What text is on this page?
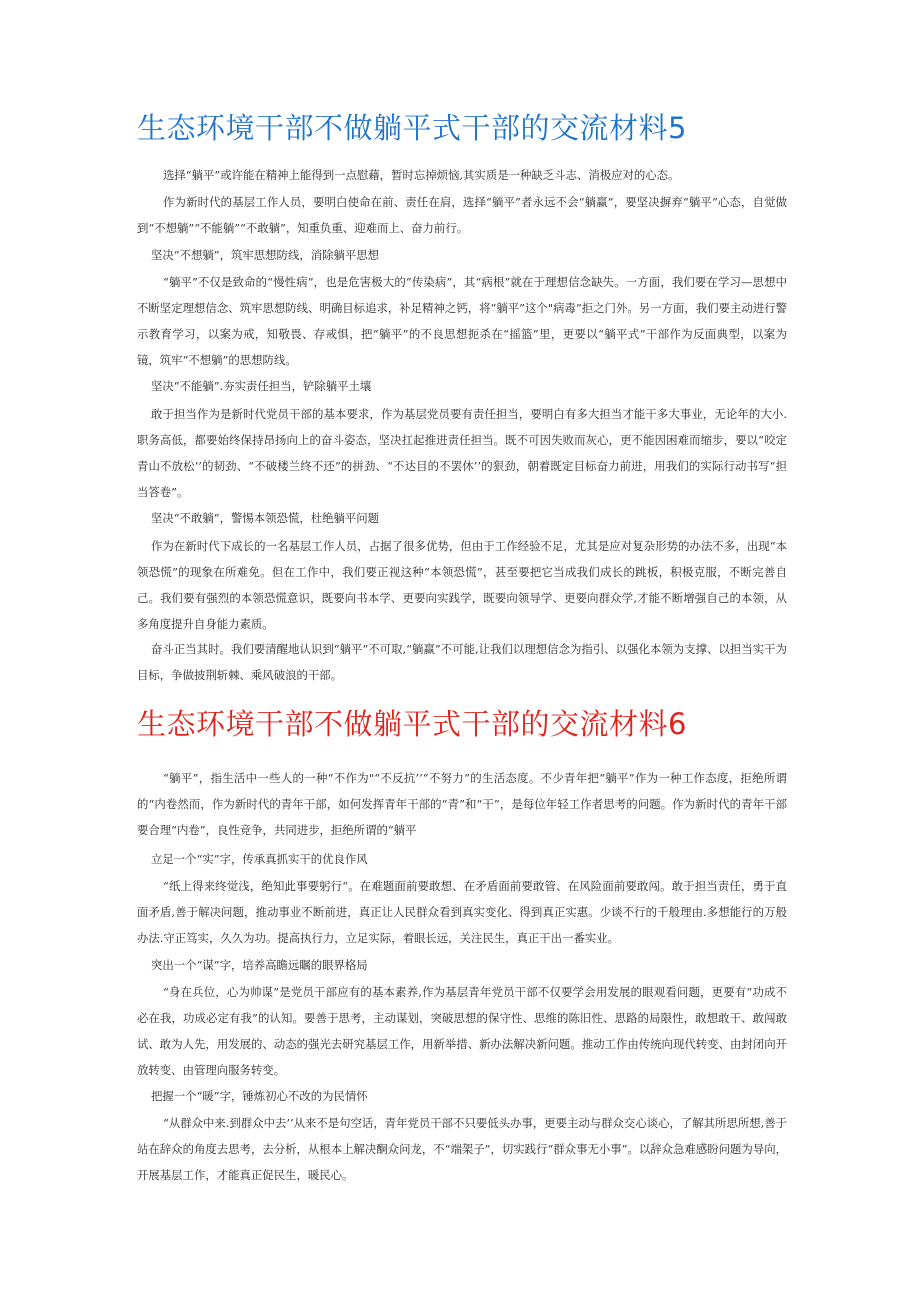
生态环境干部不做躺平式干部的交流材料5

选择“躺平”或许能在精神上能得到一点慰藉，暂时忘掉烦恼,其实质是一种缺乏斗志、消极应对的心态。

作为新时代的基层工作人员，要明白使命在前、责任在肩，选择“躺平”者永远不会“躺赢”，要坚决摒弃“躺平”心态，自觉做到“不想躺”“不能躺”“不敢躺”，知重负重、迎难而上、奋力前行。

坚决“不想躺”，筑牢思想防线，消除躺平思想

“躺平”不仅是致命的“慢性病”，也是危害极大的“传染病”，其“病根”就在于理想信念缺失。一方面，我们要在学习—思想中不断坚定理想信念、筑牢思想防线、明确目标追求，补足精神之钙，将“躺平”这个"病毒”拒之门外。另一方面，我们要主动进行警示教育学习，以案为戒，知敬畏、存戒惧，把“躺平”的不良思想扼杀在“摇篮”里，更要以“躺平式”干部作为反面典型，以案为镜，筑牢“不想躺”的思想防线。

坚决“不能躺”.夯实责任担当，铲除躺平土壤

敢于担当作为是新时代党员干部的基本要求，作为基层党员要有责任担当，要明白有多大担当才能干多大事业，无论年的大小.职务高低，都要始终保持昂扬向上的奋斗姿态，坚决扛起推进责任担当。既不可因失败而灰心，更不能因困难而缩步，要以“咬定青山不放松’’的韧劲、“不破楼兰终不还”的拼劲、“不达目的不罢休’’的狠劲，朝着既定目标奋力前进，用我们的实际行动书写“担当答卷”。

坚决“不敢躺”，警惕本领恐慌，杜绝躺平问题

作为在新时代下成长的一名基层工作人员，占据了很多优势，但由于工作经验不足，尤其是应对复杂形势的办法不多，出现“本领恐慌”的现象在所难免。但在工作中，我们要正视这种“本领恐慌”，甚至要把它当成我们成长的跳板，积极克服，不断完善自己。我们要有强烈的本领恐慌意识，既要向书本学、更要向实践学，既要向领导学、更要向群众学,才能不断增强自己的本领，从多角度提升自身能力素质。

奋斗正当其时。我们要清醒地认识到“躺平”不可取,“躺赢”不可能,让我们以理想信念为指引、以强化本领为支撑、以担当实干为目标，争做披荆斩棘、乘风破浪的干部。

生态环境干部不做躺平式干部的交流材料6

“躺平”，指生活中一些人的一种“不作为"“不反抗’’“不努力”的生活态度。不少青年把“躺平”作为一种工作态度，拒绝所谓的“内卷然而，作为新时代的青年干部，如何发挥青年干部的“青”和“干”，是每位年轻工作者思考的问题。作为新时代的青年干部要合理“内卷”，良性竞争，共同进步，拒绝所谓的“躺平

立足一个“实”字，传承真抓实干的优良作风

“纸上得来终觉浅，绝知此事要躬行“。在难题面前要敢想、在矛盾面前要敢管、在风险面前要敢闯。敢于担当责任，勇于直面矛盾,善于解决问题，推动事业不断前进，真正让人民群众看到真实变化、得到真正实惠。少谈不行的千般理由.多想能行的万般办法.守正笃实，久久为功。提高执行力，立足实际，着眼长远，关注民生，真正干出一番实业。

突出一个“谋”字，培养高瞻远瞩的眼界格局

“身在兵位，心为帅谋”是党员干部应有的基本素养,作为基层青年党员干部不仅要学会用发展的眼观看问题，更要有“功成不必在我，功成必定有我”的认知。要善于思考，主动谋划，突破思想的保守性、思维的陈旧性、思路的局限性，敢想敢干、敢闯敢试、敢为人先，用发展的、动态的强光去研究基层工作，用新举措、新办法解决新问题。推动工作由传统向现代转变、由封闭向开放转变、由管理向服务转变。

把握一个“暖”字，锤炼初心不改的为民情怀

“从群众中来.到群众中去’’从来不是句空话，青年党员干部不只要低头办事，更要主动与群众交心谈心，了解其所思所想,善于站在辞众的角度去思考，去分析，从根本上解决酮众问龙，不“端架子”，切实践行“群众事无小事”。以辞众急难感盼问题为导向，开展基层工作，才能真正促民生，暖民心。
